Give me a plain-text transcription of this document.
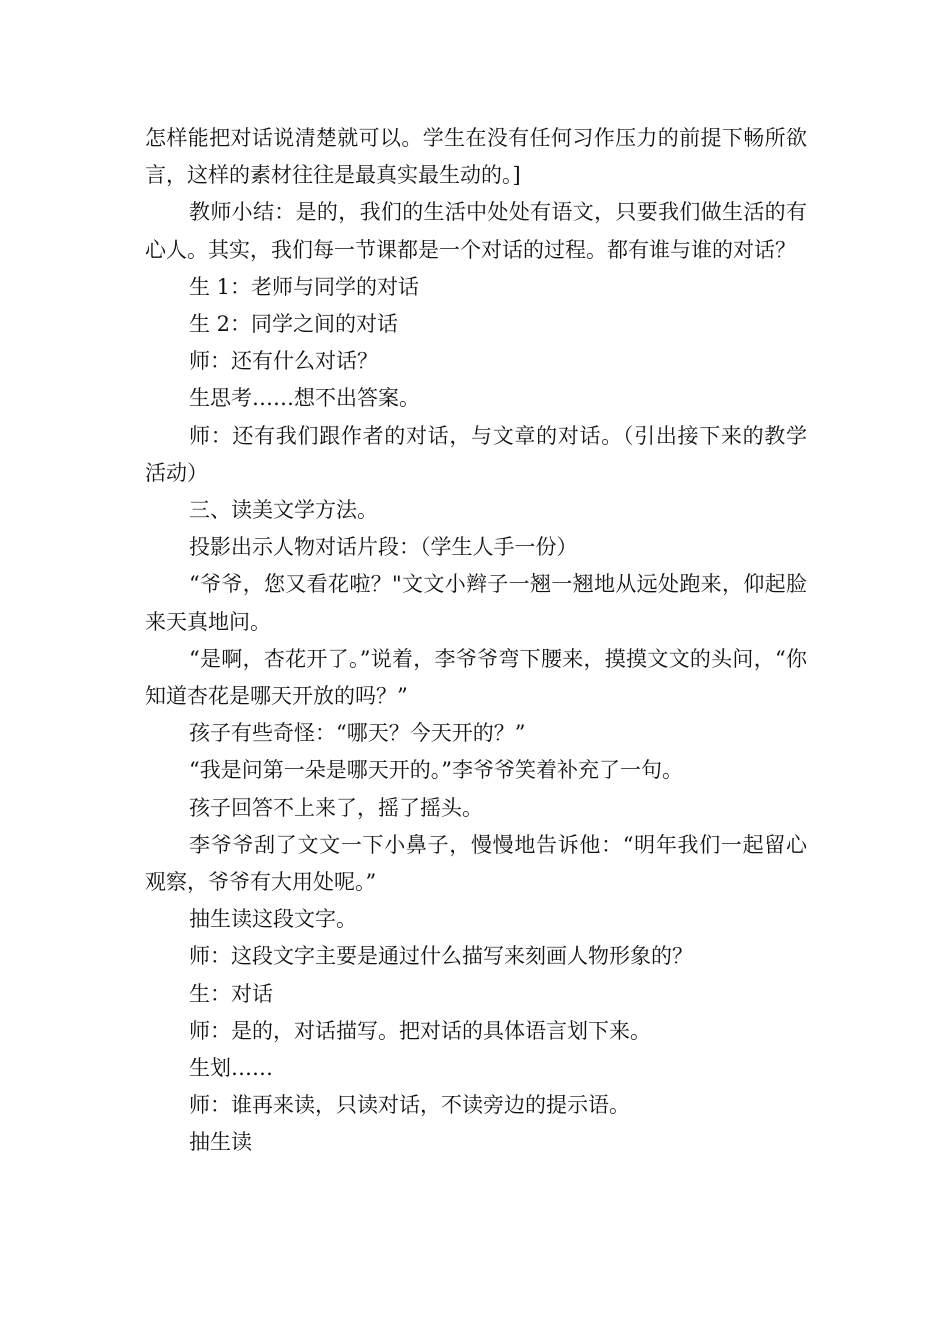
怎样能把对话说清楚就可以。学生在没有任何习作压力的前提下畅所欲言，这样的素材往往是最真实最生动的。]

教师小结：是的，我们的生活中处处有语文，只要我们做生活的有心人。其实，我们每一节课都是一个对话的过程。都有谁与谁的对话？

生 1：老师与同学的对话

生 2：同学之间的对话

师：还有什么对话？

生思考……想不出答案。

师：还有我们跟作者的对话，与文章的对话。（引出接下来的教学活动）

三、读美文学方法。

投影出示人物对话片段：（学生人手一份）

“爷爷，您又看花啦？"文文小辫子一翘一翘地从远处跑来，仰起脸来天真地问。

“是啊，杏花开了。”说着，李爷爷弯下腰来，摸摸文文的头问，“你知道杏花是哪天开放的吗？”

孩子有些奇怪：“哪天？今天开的？”

“我是问第一朵是哪天开的。”李爷爷笑着补充了一句。

孩子回答不上来了，摇了摇头。

李爷爷刮了文文一下小鼻子，慢慢地告诉他：“明年我们一起留心观察，爷爷有大用处呢。”

抽生读这段文字。

师：这段文字主要是通过什么描写来刻画人物形象的？

生：对话

师：是的，对话描写。把对话的具体语言划下来。

生划……

师：谁再来读，只读对话，不读旁边的提示语。

抽生读
